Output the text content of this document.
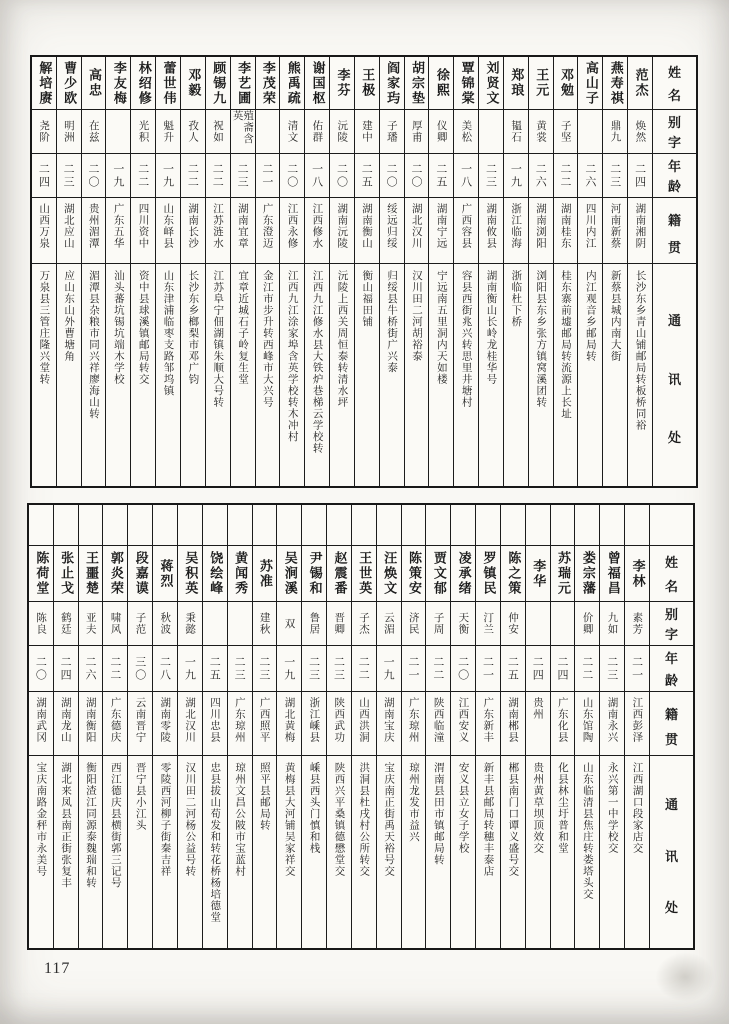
姓
名
别
字
年
龄
籍
贯
通
讯
处
范杰
焕然
二四
湖南湘阴
长沙东乡青山铺邮局转板桥同裕
燕寿祺
鼎九
二三
河南新蔡
新蔡县城内南大街
高山子
二六
四川内江
内江观音乡邮局转
邓勉
子坚
二二
湖南桂东
桂东寨前墟邮局转流源上长址
王元
黄裳
二六
湖南浏阳
浏阳县东乡张方镇窝溪团转
郑琅
韫石
一九
浙江临海
浙临杜下桥
刘贤文
二三
湖南攸县
湖南衡山长岭龙桂华号
覃锦棠
美松
一八
广西容县
容县西街兆兴转思里井塘村
徐熙
仪卿
二五
湖南宁远
宁远南五里洞内天如楼
胡宗垫
厚甫
二〇
湖北汉川
汉川田二河胡裕泰
阎家玙
子璠
二〇
绥远归绥
归绥县牛桥街广兴泰
王极
建中
二五
湖南衡山
衡山福田铺
李芬
沅陵
二〇
湖南沅陵
沅陵上西关周恒泰转清水坪
谢国枢
佑群
一八
江西修水
江西九江修水县大铁炉巷梯云学校转
熊禹疏
清文
二〇
江西永修
江西九江涂家埠含英学校转木冲村
李茂荣
二一
广东澄迈
金江市步升转西峰市大兴号
李艺圃
殖斋含英
二三
湖南宜章
宜章近城石子岭复生堂
顾锡九
祝如
二二
江苏涟水
江苏阜宁佃湖镇朱顺大号转
邓毅
孜人
二二
湖南长沙
长沙东乡榔梨市邓广钧
蕾世伟
魁升
一九
山东峄县
山东津浦临枣支路邹坞镇
林绍修
光积
二二
四川资中
资中县球溪镇邮局转交
李友梅
一九
广东五华
汕头蕃坑锡坑端木学校
高忠
在兹
二〇
贵州湄潭
湄潭县杂粮市同兴祥廖海山转
曹少欧
明洲
二三
湖北应山
应山东山外曹塘角
解培赓
尧阶
二四
山西万泉
万泉县三管庄隆兴堂转
姓
名
别
字
年
龄
籍
贯
通
讯
处
李林
素芳
二一
江西彭泽
江西湖口段家店交
曾福昌
九如
二三
湖南永兴
永兴第一中学校交
娄宗藩
价卿
二二
山东馆陶
山东临清县焦庄转娄塔头交
苏瑞元
二四
广东化县
化县林尘圩普和堂
李华
二四
贵州
贵州黄草坝顶效交
陈之策
仲安
二五
湖南郴县
郴县南门口谭义盛号交
罗镇民
汀兰
二一
广东新丰
新丰县邮局转穗丰泰店
凌承绪
天衡
二〇
江西安义
安义县立女子学校
贾文郁
子周
二二
陕西临潼
渭南县田市镇邮局转
陈策安
济民
二一
广东琼州
琼州龙发市益兴
汪焕文
云湄
一九
湖南宝庆
宝庆南正街禹天裕号交
王世英
子杰
二二
山西洪洞
洪洞县杜戌村公所转交
赵震番
晋卿
二三
陕西武功
陕西兴平桑镇德懋堂交
尹锡和
鲁居
二三
浙江嵊县
嵊县西头门慎和栈
吴涧溪
双
一九
湖北黄梅
黄梅县大河铺吴家祥交
苏准
建秋
二三
广西照平
照平县邮局转
黄闻秀
二三
广东琼州
琼州文昌公陂市宝蓝村
饶绘峰
二五
四川忠县
忠县拔山荀发和转花桥杨培德堂
吴积英
秉懿
一九
湖北汉川
汉川田二河杨公益号转
蒋烈
秋波
二八
湖南零陵
零陵西河柳子街秦吉祥
段嘉谟
子范
三〇
云南晋宁
晋宁县小江头
郭炎荣
啸风
二二
广东德庆
西江德庆县横街郭三记号
王噩楚
亚夫
二六
湖南衡阳
衡阳渣江同源泰魏瑞和转
张止戈
鹤廷
二四
湖南龙山
湖北来凤县南正街张复丰
陈荷堂
陈良
二〇
湖南武冈
宝庆南路金秤市永美号
117
